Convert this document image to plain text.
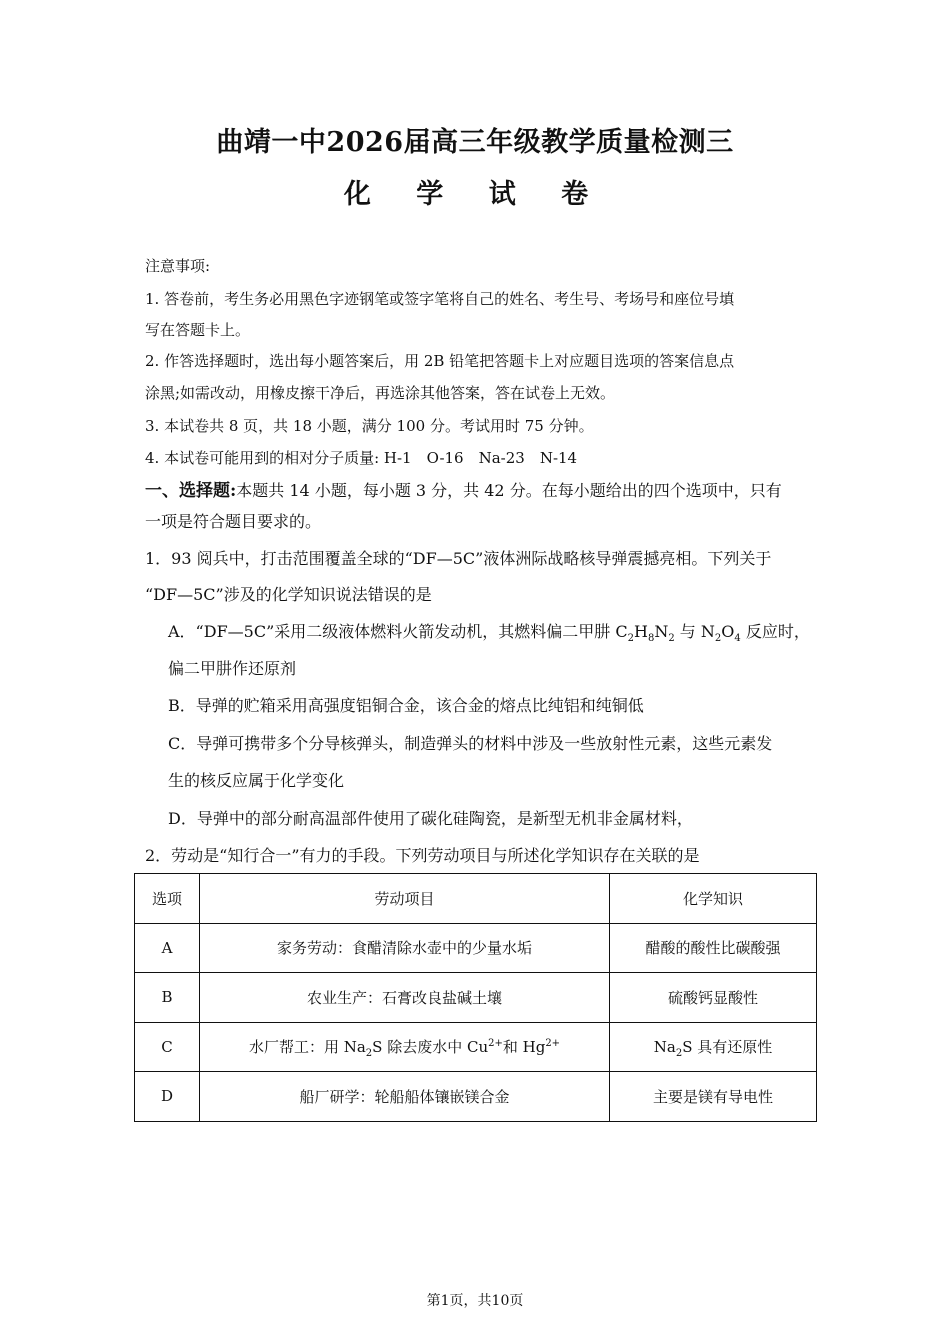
曲靖一中2026届高三年级教学质量检测三
化 学 试 卷
注意事项:
1. 答卷前，考生务必用黑色字迹钢笔或签字笔将自己的姓名、考生号、考场号和座位号填
写在答题卡上。
2. 作答选择题时，选出每小题答案后，用 2B 铅笔把答题卡上对应题目选项的答案信息点
涂黑;如需改动，用橡皮擦干净后，再选涂其他答案，答在试卷上无效。
3. 本试卷共 8 页，共 18 小题，满分 100 分。考试用时 75 分钟。
4. 本试卷可能用到的相对分子质量: H-1　O-16　Na-23　N-14
一、选择题:本题共 14 小题，每小题 3 分，共 42 分。在每小题给出的四个选项中，只有
一项是符合题目要求的。
1．93 阅兵中，打击范围覆盖全球的“DF—5C”液体洲际战略核导弹震撼亮相。下列关于
“DF—5C”涉及的化学知识说法错误的是
A．“DF—5C”采用二级液体燃料火箭发动机，其燃料偏二甲肼 $C_2H_8N_2$ 与 $N_2O_4$ 反应时，
偏二甲肼作还原剂
B．导弹的贮箱采用高强度铝铜合金，该合金的熔点比纯铝和纯铜低
C．导弹可携带多个分导核弹头，制造弹头的材料中涉及一些放射性元素，这些元素发
生的核反应属于化学变化
D．导弹中的部分耐高温部件使用了碳化硅陶瓷，是新型无机非金属材料，
2．劳动是“知行合一”有力的手段。下列劳动项目与所述化学知识存在关联的是
选项	劳动项目	化学知识
A	家务劳动：食醋清除水壶中的少量水垢	醋酸的酸性比碳酸强
B	农业生产：石膏改良盐碱土壤	硫酸钙显酸性
C	水厂帮工：用 $Na_2S$ 除去废水中 $Cu^{2+}$和 $Hg^{2+}$	$Na_2S$ 具有还原性
D	船厂研学：轮船船体镶嵌镁合金	主要是镁有导电性
第1页，共10页
